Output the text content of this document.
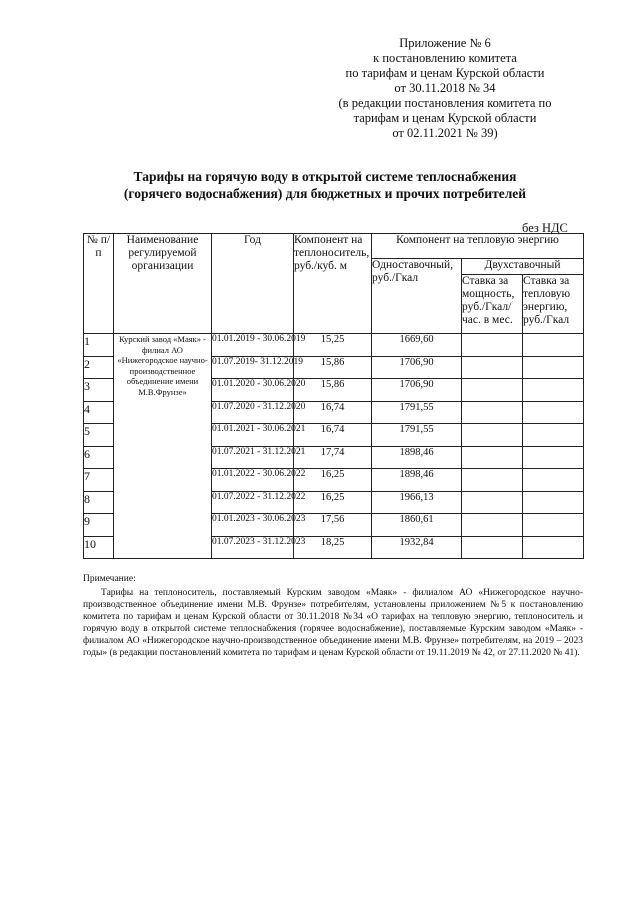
Приложение № 6
к постановлению комитета
по тарифам и ценам Курской области
от 30.11.2018 № 34
(в редакции постановления комитета по
тарифам и ценам Курской области
от 02.11.2021 № 39)
Тарифы на горячую воду в открытой системе теплоснабжения
(горячего водоснабжения) для бюджетных и прочих потребителей
без НДС
№ п/п	Наименование регулируемой организации	Год	Компонент на теплоноситель, руб./куб. м	Компонент на тепловую энергию		
				Одноставочный, руб./Гкал	Двухставочный	
					Ставка за мощность, руб./Гкал/час. в мес.	Ставка за тепловую энергию, руб./Гкал
1	Курский завод «Маяк» - филиал АО «Нижегородское научно-производственное объединение имени М.В.Фрунзе»	01.01.2019 - 30.06.2019	15,25	1669,60		
2		01.07.2019- 31.12.2019	15,86	1706,90		
3		01.01.2020 - 30.06.2020	15,86	1706,90		
4		01.07.2020 - 31.12.2020	16,74	1791,55		
5		01.01.2021 - 30.06.2021	16,74	1791,55		
6		01.07.2021 - 31.12.2021	17,74	1898,46		
7		01.01.2022 - 30.06.2022	16,25	1898,46		
8		01.07.2022 - 31.12.2022	16,25	1966,13		
9		01.01.2023 - 30.06.2023	17,56	1860,61		
10		01.07.2023 - 31.12.2023	18,25	1932,84		
Примечание:
Тарифы на теплоноситель, поставляемый Курским заводом «Маяк» - филиалом АО «Нижегородское научно-производственное объединение имени М.В. Фрунзе» потребителям, установлены приложением №5 к постановлению комитета по тарифам и ценам Курской области от 30.11.2018 №34 «О тарифах на тепловую энергию, теплоноситель и горячую воду в открытой системе теплоснабжения (горячее водоснабжение), поставляемые Курским заводом «Маяк» - филиалом АО «Нижегородское научно-производственное объединение имени М.В. Фрунзе» потребителям, на 2019 – 2023 годы» (в редакции постановлений комитета по тарифам и ценам Курской области от 19.11.2019 № 42, от 27.11.2020 № 41).
